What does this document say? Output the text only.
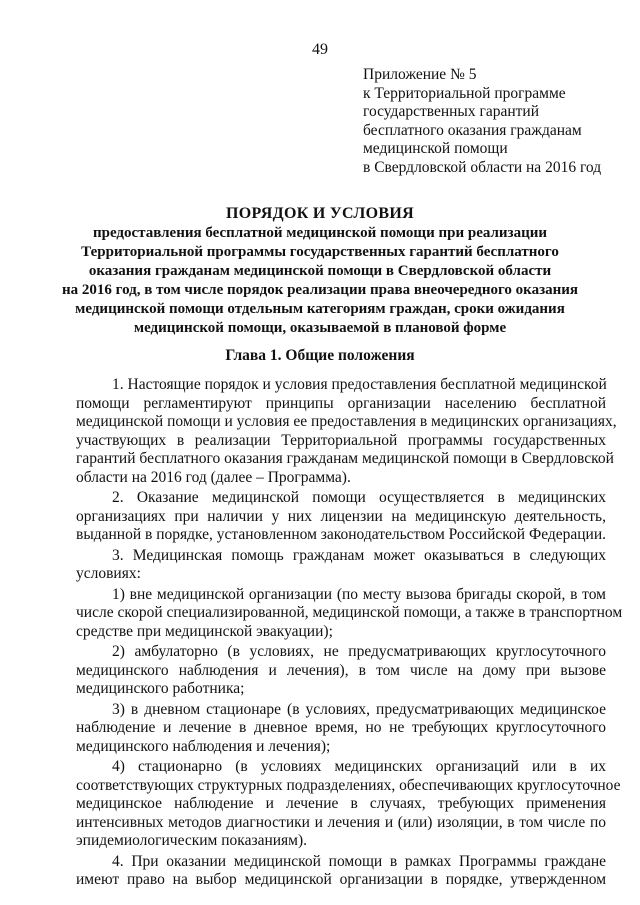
49
Приложение № 5
к Территориальной программе
государственных гарантий
бесплатного оказания гражданам
медицинской помощи
в Свердловской области на 2016 год
ПОРЯДОК И УСЛОВИЯ
предоставления бесплатной медицинской помощи при реализации
Территориальной программы государственных гарантий бесплатного
оказания гражданам медицинской помощи в Свердловской области
на 2016 год, в том числе порядок реализации права внеочередного оказания
медицинской помощи отдельным категориям граждан, сроки ожидания
медицинской помощи, оказываемой в плановой форме
Глава 1. Общие положения
1. Настоящие порядок и условия предоставления бесплатной медицинской
помощи регламентируют принципы организации населению бесплатной
медицинской помощи и условия ее предоставления в медицинских организациях,
участвующих в реализации Территориальной программы государственных
гарантий бесплатного оказания гражданам медицинской помощи в Свердловской
области на 2016 год (далее – Программа).
2. Оказание медицинской помощи осуществляется в медицинских
организациях при наличии у них лицензии на медицинскую деятельность,
выданной в порядке, установленном законодательством Российской Федерации.
3. Медицинская помощь гражданам может оказываться в следующих
условиях:
1) вне медицинской организации (по месту вызова бригады скорой, в том
числе скорой специализированной, медицинской помощи, а также в транспортном
средстве при медицинской эвакуации);
2) амбулаторно (в условиях, не предусматривающих круглосуточного
медицинского наблюдения и лечения), в том числе на дому при вызове
медицинского работника;
3) в дневном стационаре (в условиях, предусматривающих медицинское
наблюдение и лечение в дневное время, но не требующих круглосуточного
медицинского наблюдения и лечения);
4) стационарно (в условиях медицинских организаций или в их
соответствующих структурных подразделениях, обеспечивающих круглосуточное
медицинское наблюдение и лечение в случаях, требующих применения
интенсивных методов диагностики и лечения и (или) изоляции, в том числе по
эпидемиологическим показаниям).
4. При оказании медицинской помощи в рамках Программы граждане
имеют право на выбор медицинской организации в порядке, утвержденном
